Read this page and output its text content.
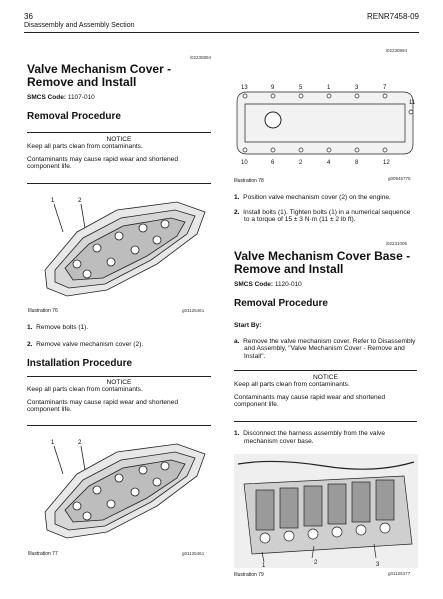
36
Disassembly and Assembly Section
RENR7458-09
i02230894

Valve Mechanism Cover - Remove and Install

SMCS Code: 1107-010

Removal Procedure

NOTICE
Keep all parts clean from contaminants.
Contaminants may cause rapid wear and shortened component life.
1	2
Illustration 76	g01125461
1. Remove bolts (1).
2. Remove valve mechanism cover (2).

Installation Procedure

NOTICE
Keep all parts clean from contaminants.
Contaminants may cause rapid wear and shortened component life.
1	2
Illustration 77	g01125461
i02230894
13	9	5	1	3	7
11
10	6	2	4	8	12
Illustration 78	g00945775
1. Position valve mechanism cover (2) on the engine.
2. Install bolts (1). Tighten bolts (1) in a numerical sequence to a torque of 15 ± 3 N·m (11 ± 2 lb ft).
i02231006

Valve Mechanism Cover Base - Remove and Install

SMCS Code: 1120-010

Removal Procedure

Start By:
a. Remove the valve mechanism cover. Refer to Disassembly and Assembly, "Valve Mechanism Cover - Remove and Install".
NOTICE
Keep all parts clean from contaminants.
Contaminants may cause rapid wear and shortened component life.
1. Disconnect the harness assembly from the valve mechanism cover base.
1	2	3
Illustration 79	g01125477
